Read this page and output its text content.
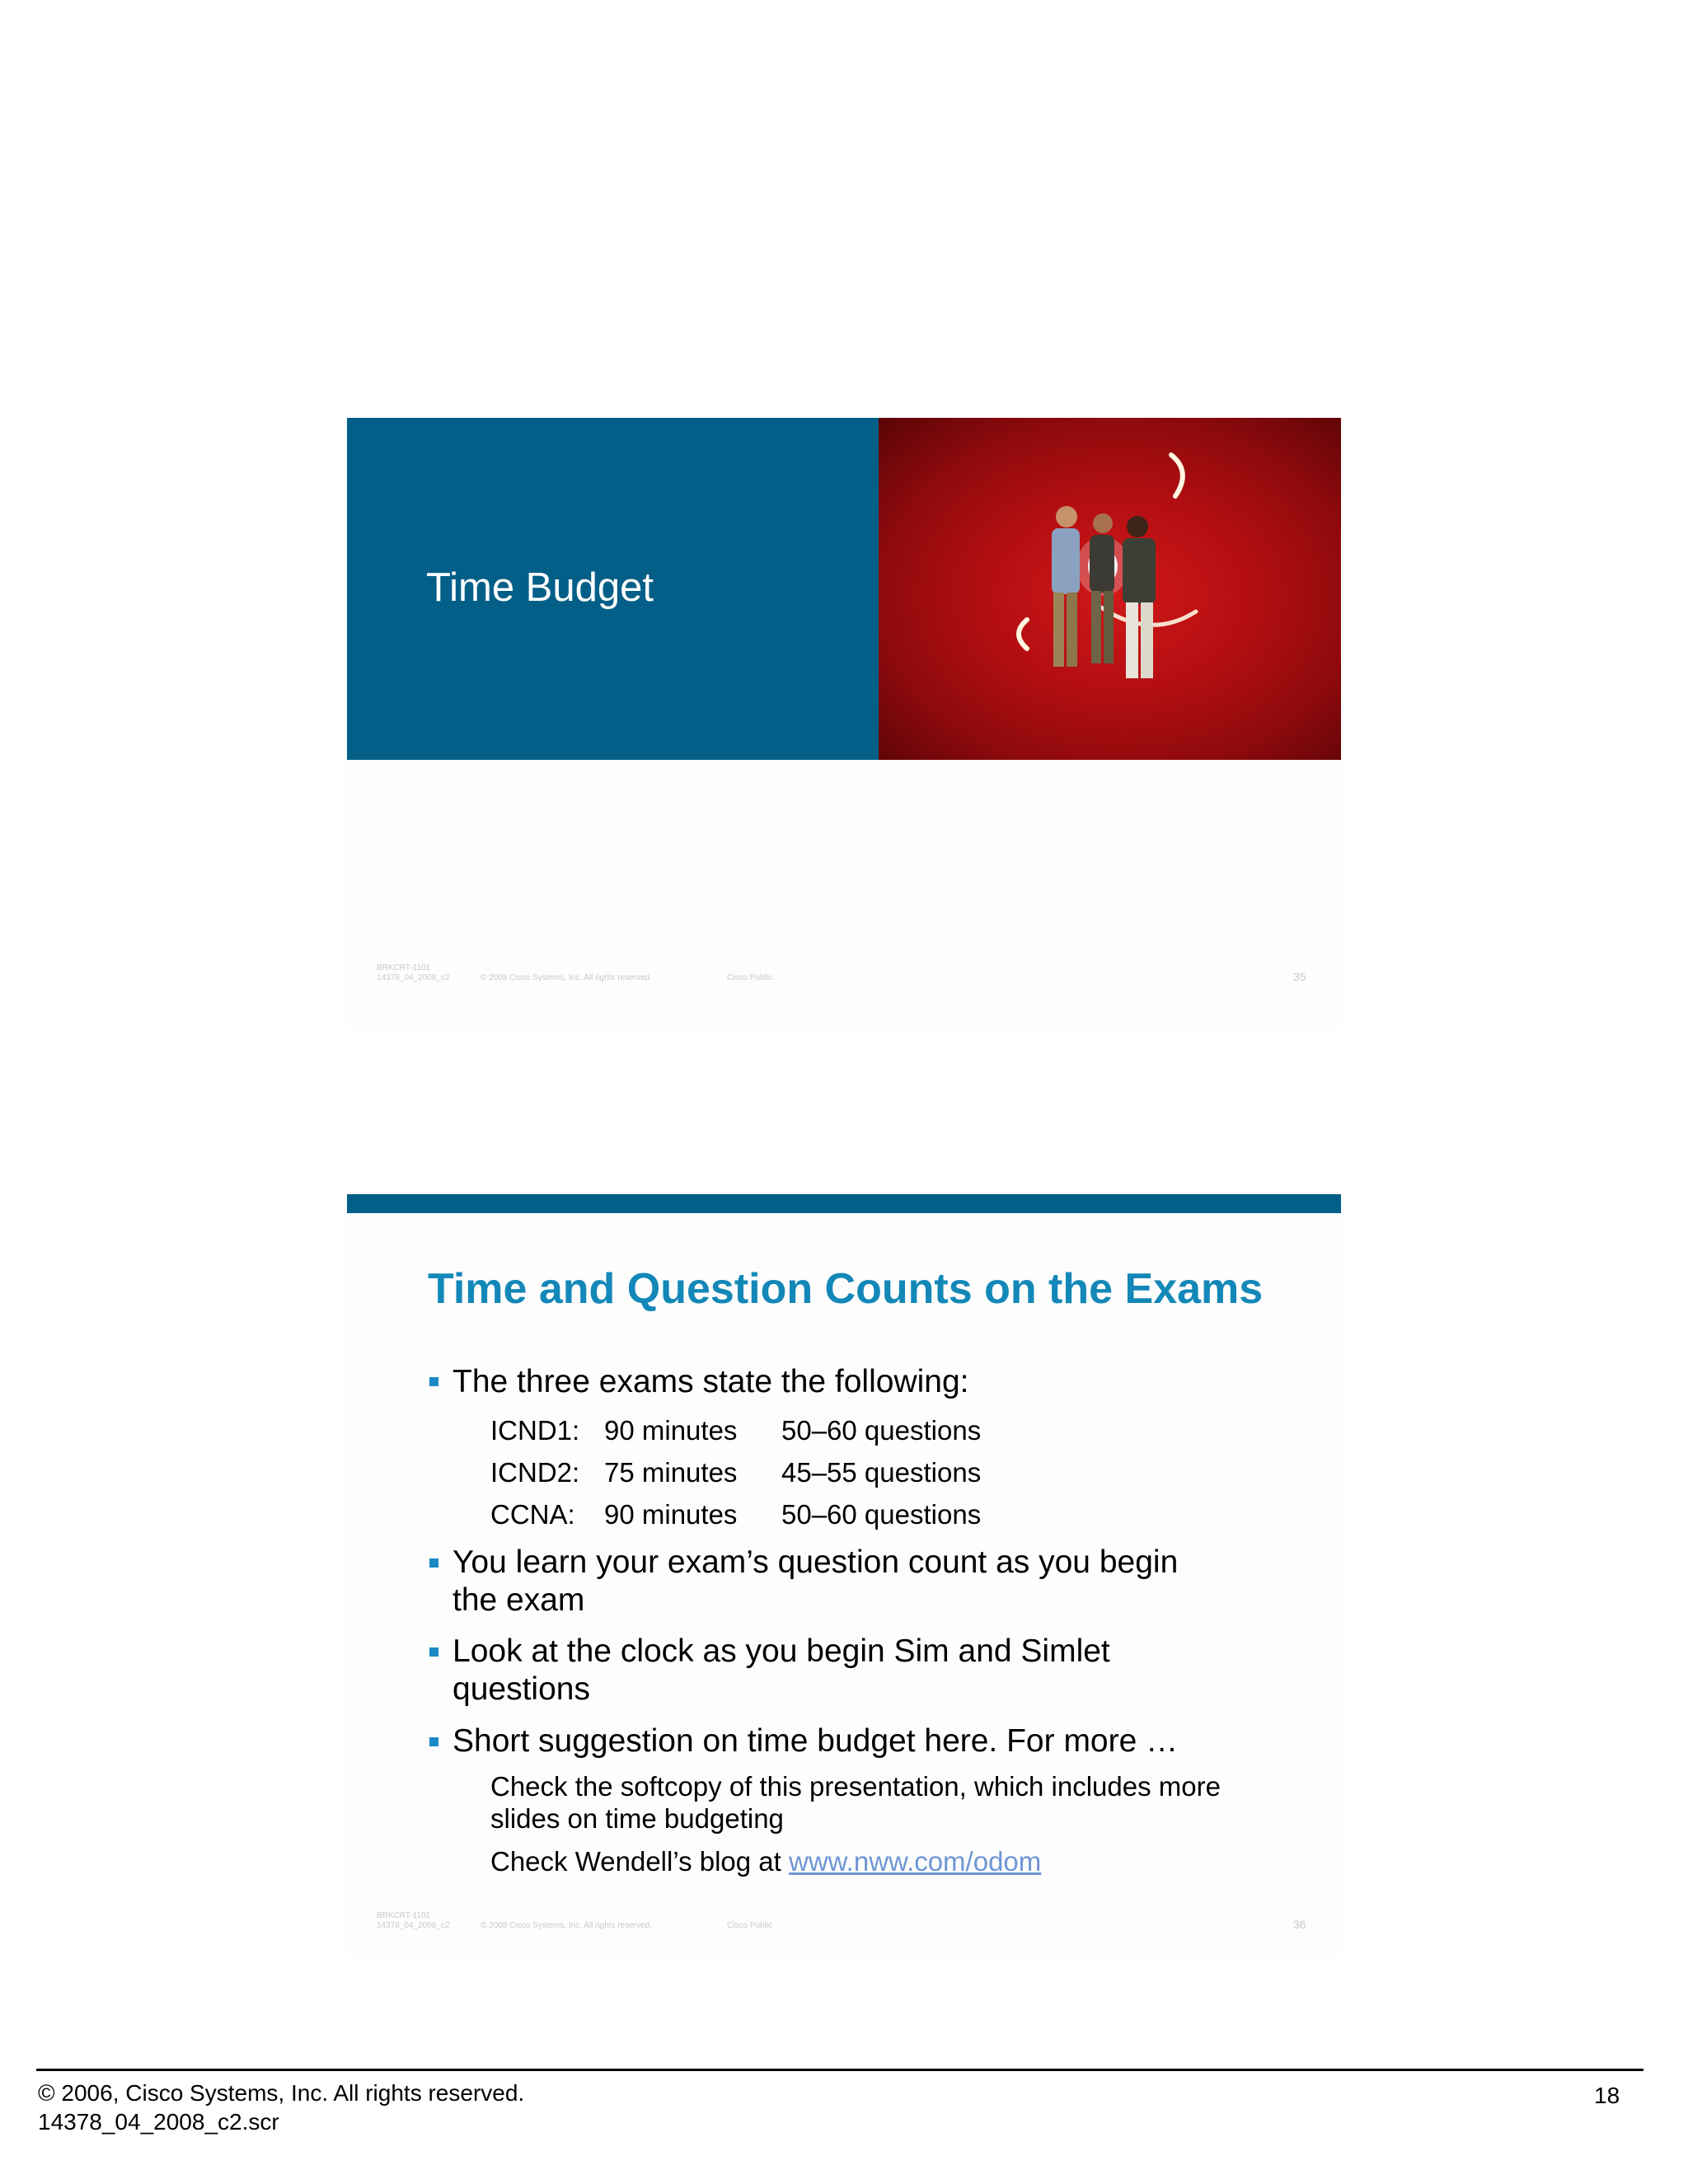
Time Budget
BRKCRT-1101
14378_04_2008_c2	© 2008 Cisco Systems, Inc. All rights reserved.	Cisco Public	35
Time and Question Counts on the Exams
The three exams state the following:
ICND1: 90 minutes 50–60 questions
ICND2: 75 minutes 45–55 questions
CCNA: 90 minutes 50–60 questions
You learn your exam’s question count as you begin
the exam
Look at the clock as you begin Sim and Simlet
questions
Short suggestion on time budget here. For more …
Check the softcopy of this presentation, which includes more
slides on time budgeting
Check Wendell’s blog at www.nww.com/odom
BRKCRT-1101
14378_04_2008_c2	© 2008 Cisco Systems, Inc. All rights reserved.	Cisco Public	36
© 2006, Cisco Systems, Inc. All rights reserved.
14378_04_2008_c2.scr
18
